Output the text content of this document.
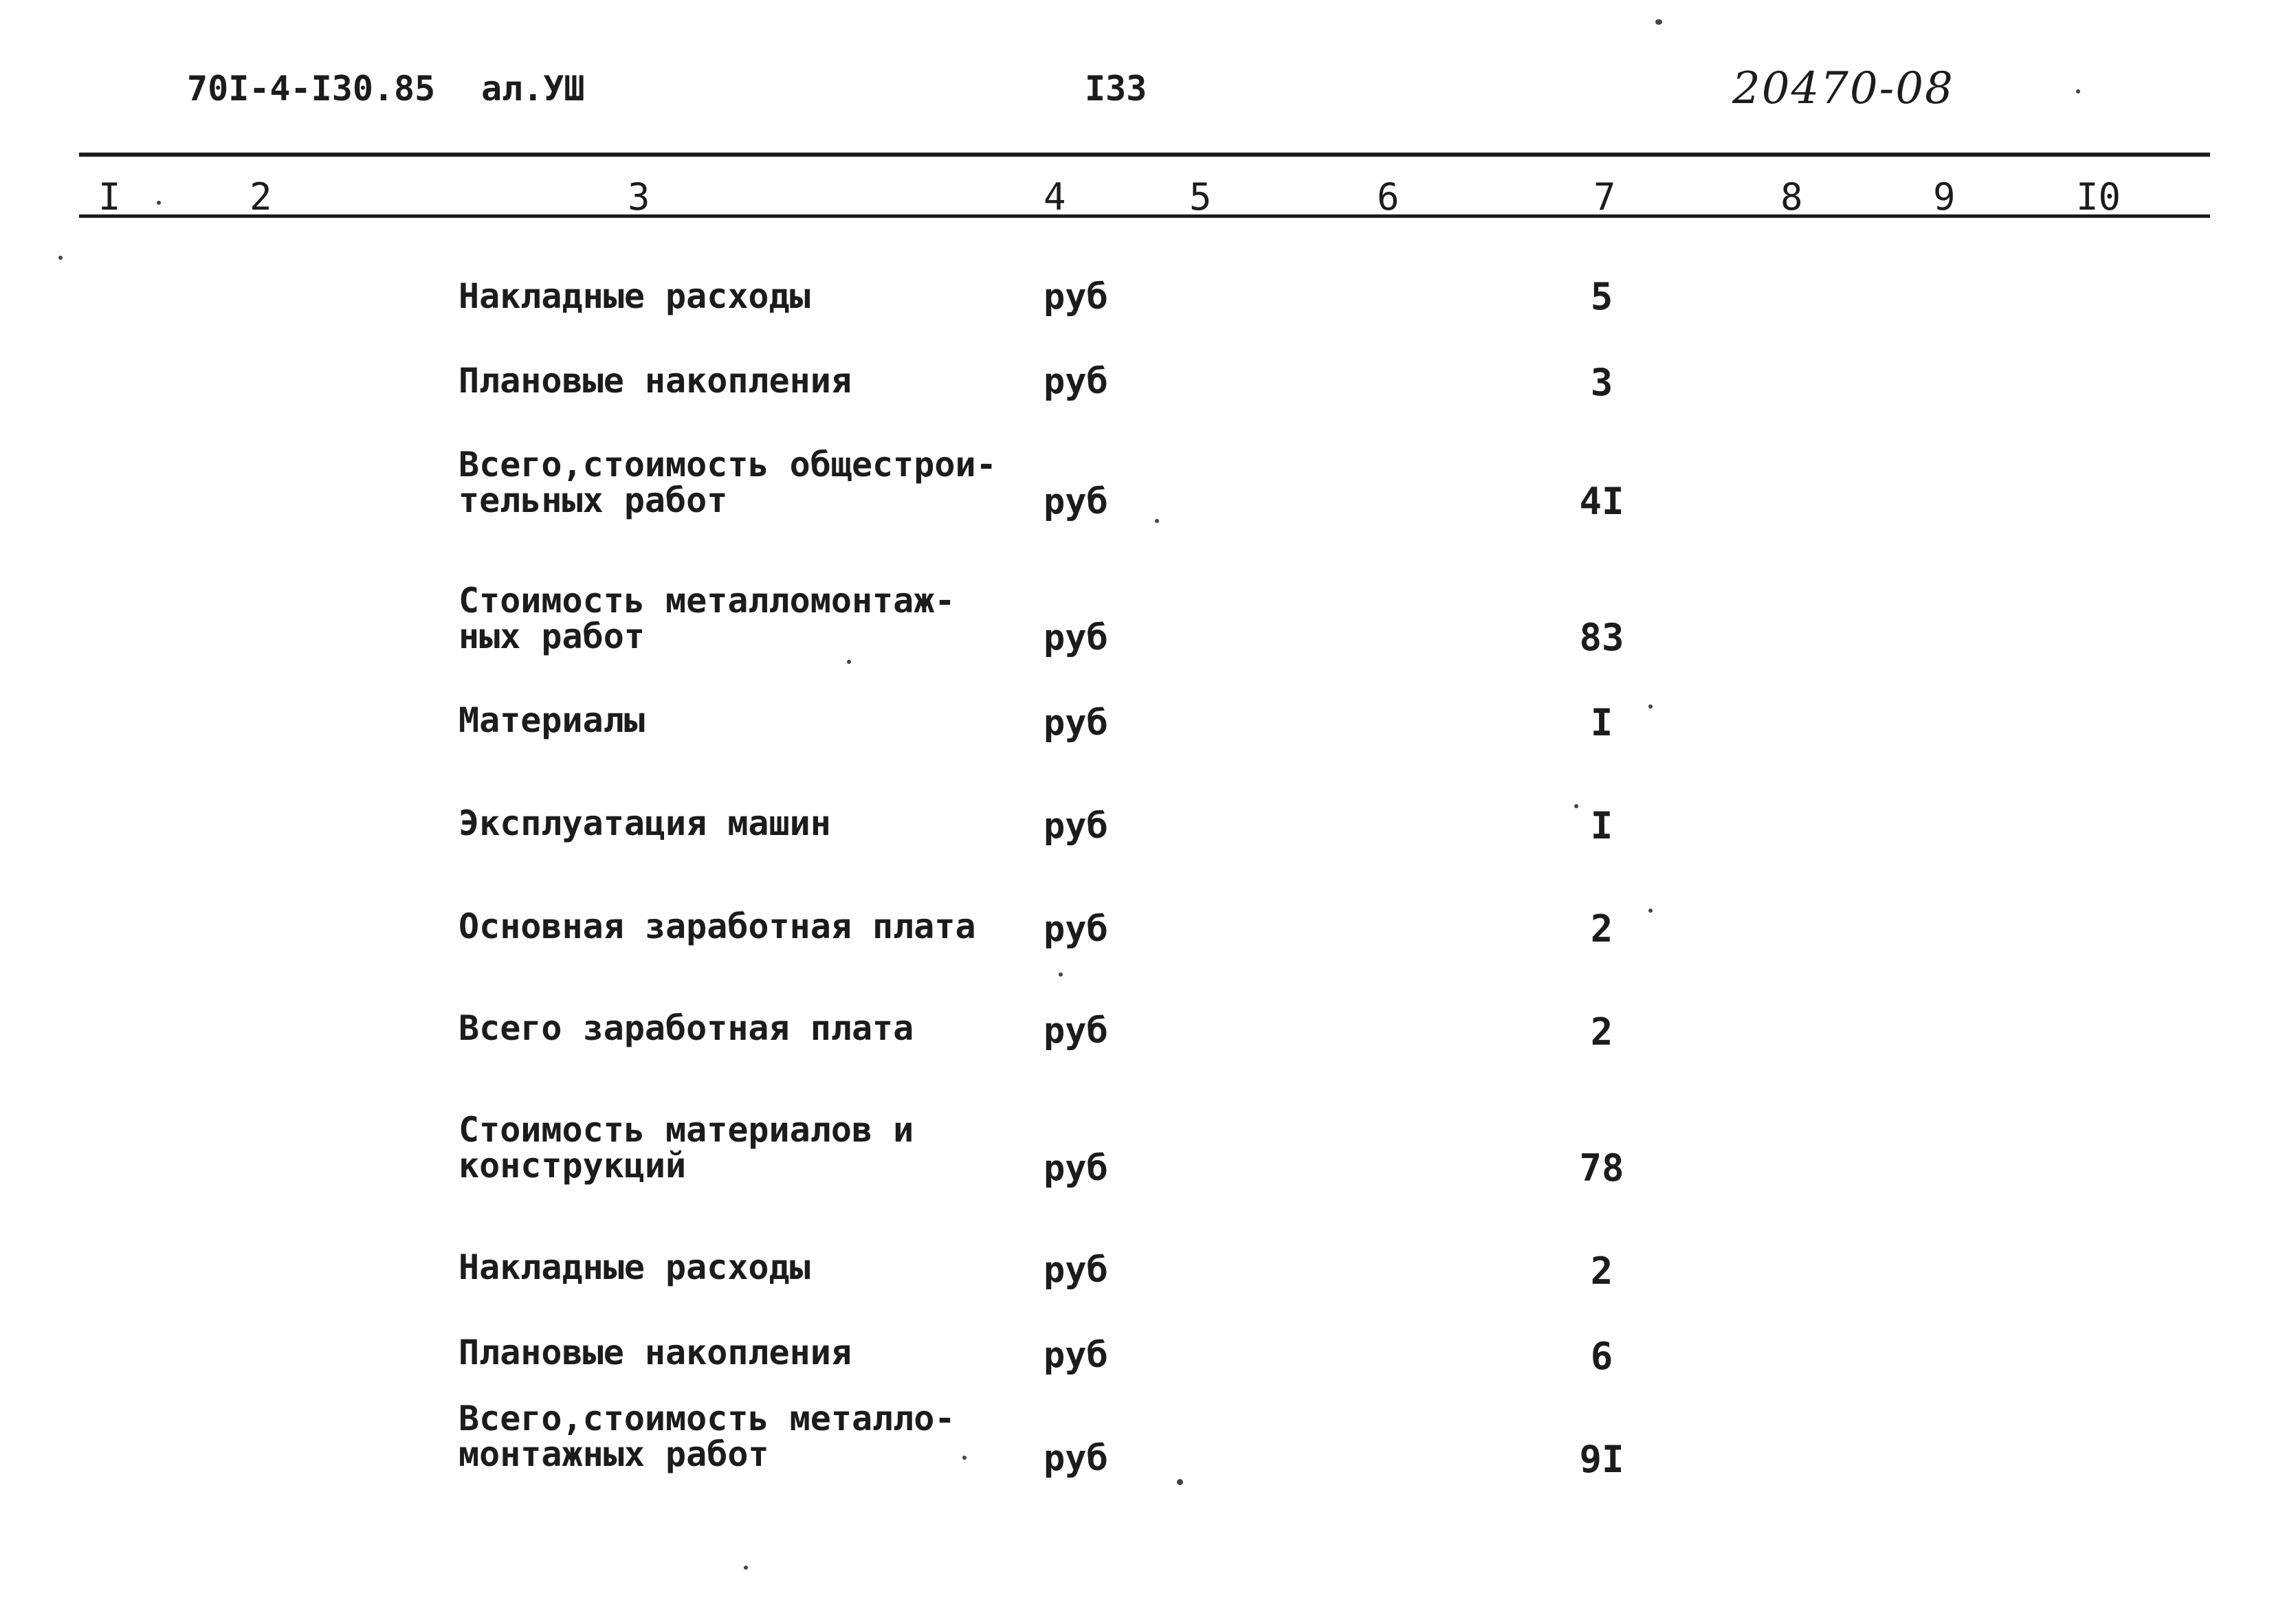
70I-4-I30.85 ал.УШ	I33	20470-08
I	2	3	4	5	6	7	8	9	I0
Накладные расходы	руб	5
Плановые накопления	руб	3
Всего,стоимость общестрои-
тельных работ	руб	4I
Стоимость металломонтаж-
ных работ	руб	83
Материалы	руб	I
Эксплуатация машин	руб	I
Основная заработная плата руб	2
Всего заработная плата	руб	2
Стоимость материалов и
конструкций	руб	78
Накладные расходы	руб	2
Плановые накопления	руб	6
Всего,стоимость металло-
монтажных работ	руб	9I
